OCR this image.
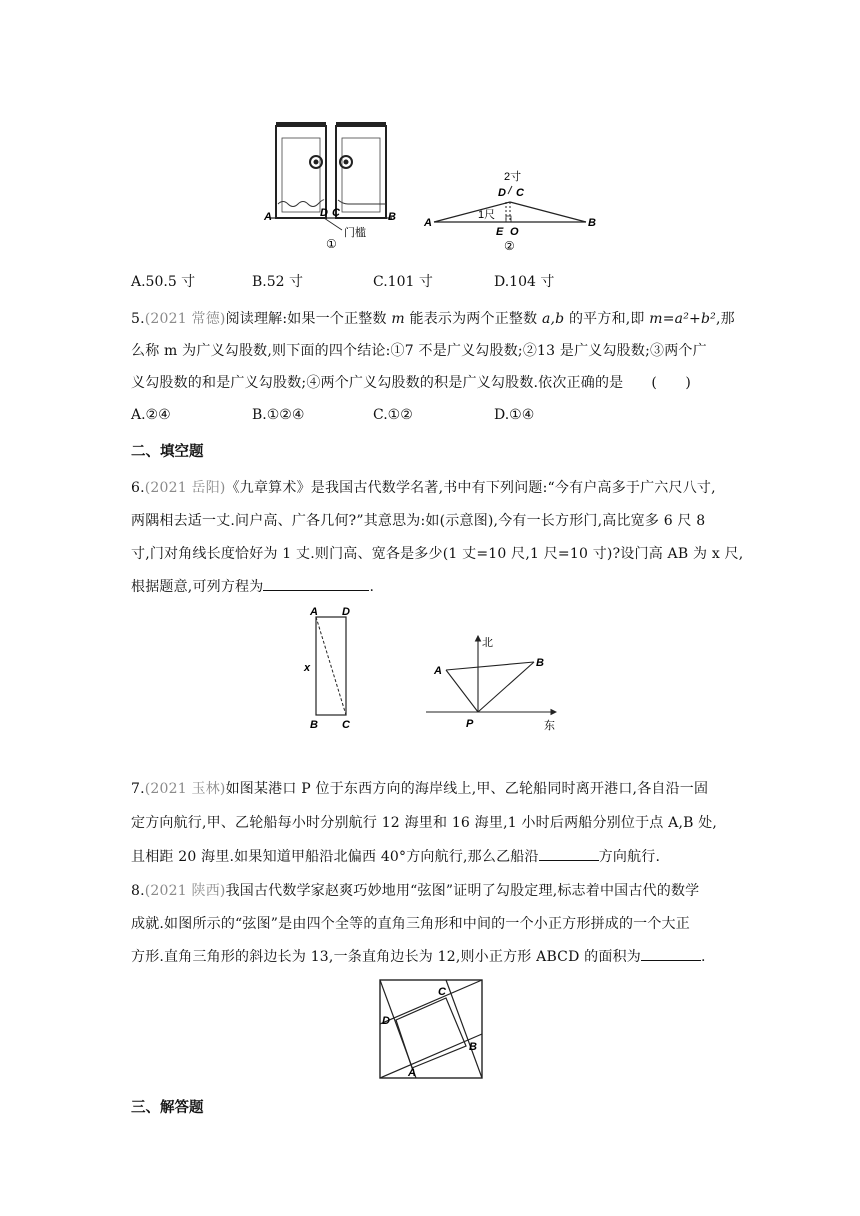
A	D C	B
门槛
①
2寸
D C
1尺
A	B
E O
②
A.50.5 寸	B.52 寸	C.101 寸	D.104 寸
5.(2021 常德)阅读理解:如果一个正整数 m 能表示为两个正整数 a,b 的平方和,即 m=a²+b²,那
么称 m 为广义勾股数,则下面的四个结论:①7 不是广义勾股数;②13 是广义勾股数;③两个广
义勾股数的和是广义勾股数;④两个广义勾股数的积是广义勾股数.依次正确的是 (　　)
A.②④	B.①②④	C.①②	D.①④
二、填空题
6.(2021 岳阳)《九章算术》是我国古代数学名著,书中有下列问题:“今有户高多于广六尺八寸,
两隅相去适一丈.问户高、广各几何?”其意思为:如(示意图),今有一长方形门,高比宽多 6 尺 8
寸,门对角线长度恰好为 1 丈.则门高、宽各是多少(1 丈=10 尺,1 尺=10 寸)?设门高 AB 为 x 尺,
根据题意,可列方程为	.
A D
x
B C
北
A
B
P	东
7.(2021 玉林)如图某港口 P 位于东西方向的海岸线上,甲、乙轮船同时离开港口,各自沿一固
定方向航行,甲、乙轮船每小时分别航行 12 海里和 16 海里,1 小时后两船分别位于点 A,B 处,
且相距 20 海里.如果知道甲船沿北偏西 40°方向航行,那么乙船沿	方向航行.
8.(2021 陕西)我国古代数学家赵爽巧妙地用“弦图”证明了勾股定理,标志着中国古代的数学
成就.如图所示的“弦图”是由四个全等的直角三角形和中间的一个小正方形拼成的一个大正
方形.直角三角形的斜边长为 13,一条直角边长为 12,则小正方形 ABCD 的面积为	.
C
D
B
A
三、解答题
